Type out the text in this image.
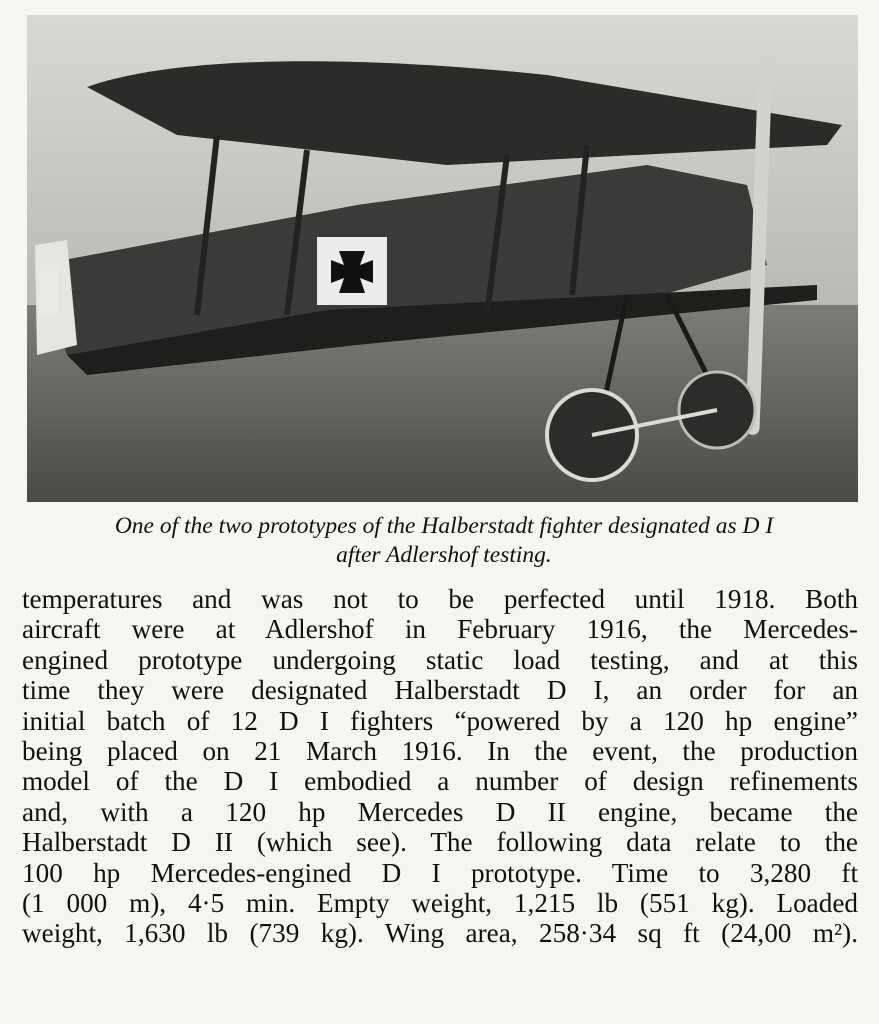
One of the two prototypes of the Halberstadt fighter designated as D I
after Adlershof testing.
temperatures and was not to be perfected until 1918. Both
aircraft were at Adlershof in February 1916, the Mercedes-
engined prototype undergoing static load testing, and at this
time they were designated Halberstadt D I, an order for an
initial batch of 12 D I fighters “powered by a 120 hp engine”
being placed on 21 March 1916. In the event, the production
model of the D I embodied a number of design refinements
and, with a 120 hp Mercedes D II engine, became the
Halberstadt D II (which see). The following data relate to the
100 hp Mercedes-engined D I prototype. Time to 3,280 ft
(1 000 m), 4·5 min. Empty weight, 1,215 lb (551 kg). Loaded
weight, 1,630 lb (739 kg). Wing area, 258·34 sq ft (24,00 m²).
